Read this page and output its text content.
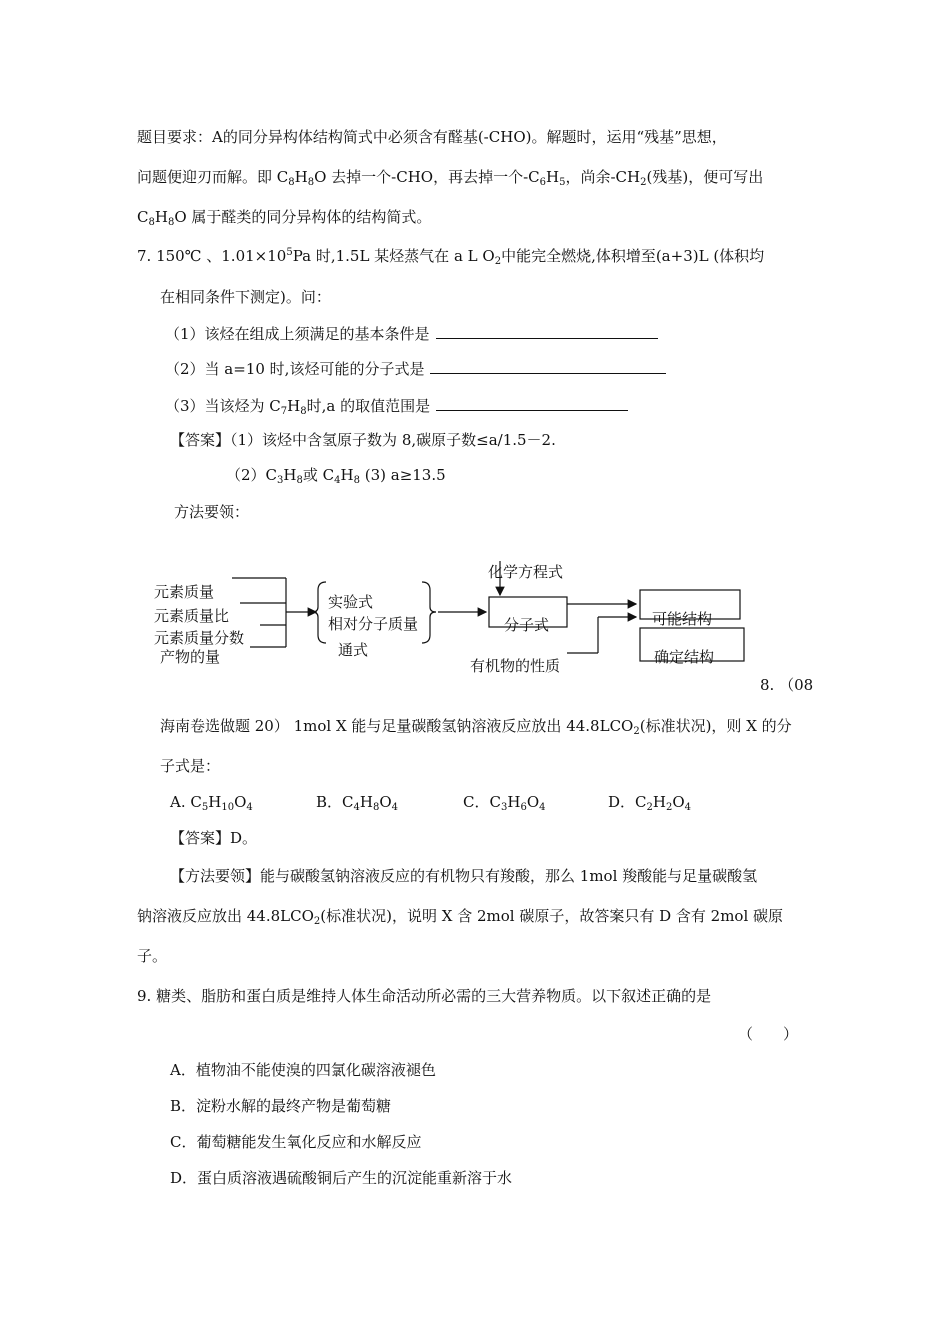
题目要求：A的同分异构体结构简式中必须含有醛基(-CHO)。解题时，运用“残基”思想，
问题便迎刃而解。即 $C_8H_8O$ 去掉一个-CHO，再去掉一个$-C_6H_5$，尚余$-CH_2$(残基)，便可写出
$C_8H_8O$ 属于醛类的同分异构体的结构简式。
7. 150℃ 、$1.01\times 10^5Pa$ 时,1.5L 某烃蒸气在 a L $O_2$中能完全燃烧,体积增至(a+3)L (体积均
在相同条件下测定)。问：
（1）该烃在组成上须满足的基本条件是
（2）当 a=10 时,该烃可能的分子式是
（3）当该烃为 $C_7H_8$时,a 的取值范围是
【答案】（1）该烃中含氢原子数为 8,碳原子数≤a/1.5－2.
$(2)C_3H_8$或 $C_4H_8$ (3) a≥13.5
方法要领：
元素质量
元素质量比
元素质量分数
产物的量
实验式
相对分子质量
通式
化学方程式
分子式
有机物的性质
可能结构
确定结构
8. （08
海南卷选做题 20） 1mol X 能与足量碳酸氢钠溶液反应放出 $44.8LCO_2$(标准状况)，则 X 的分
子式是：
A. $C_5H_{10}O_4$	B．$C_4H_8O_4$	C．$C_3H_6O_4$	D．$C_2H_2O_4$
【答案】D。
【方法要领】能与碳酸氢钠溶液反应的有机物只有羧酸，那么 1mol 羧酸能与足量碳酸氢
钠溶液反应放出 $44.8LCO_2$(标准状况)，说明 X 含 2mol 碳原子，故答案只有 D 含有 2mol 碳原
子。
9. 糖类、脂肪和蛋白质是维持人体生命活动所必需的三大营养物质。以下叙述正确的是
（　　）
A．植物油不能使溴的四氯化碳溶液褪色
B．淀粉水解的最终产物是葡萄糖
C．葡萄糖能发生氧化反应和水解反应
D．蛋白质溶液遇硫酸铜后产生的沉淀能重新溶于水
